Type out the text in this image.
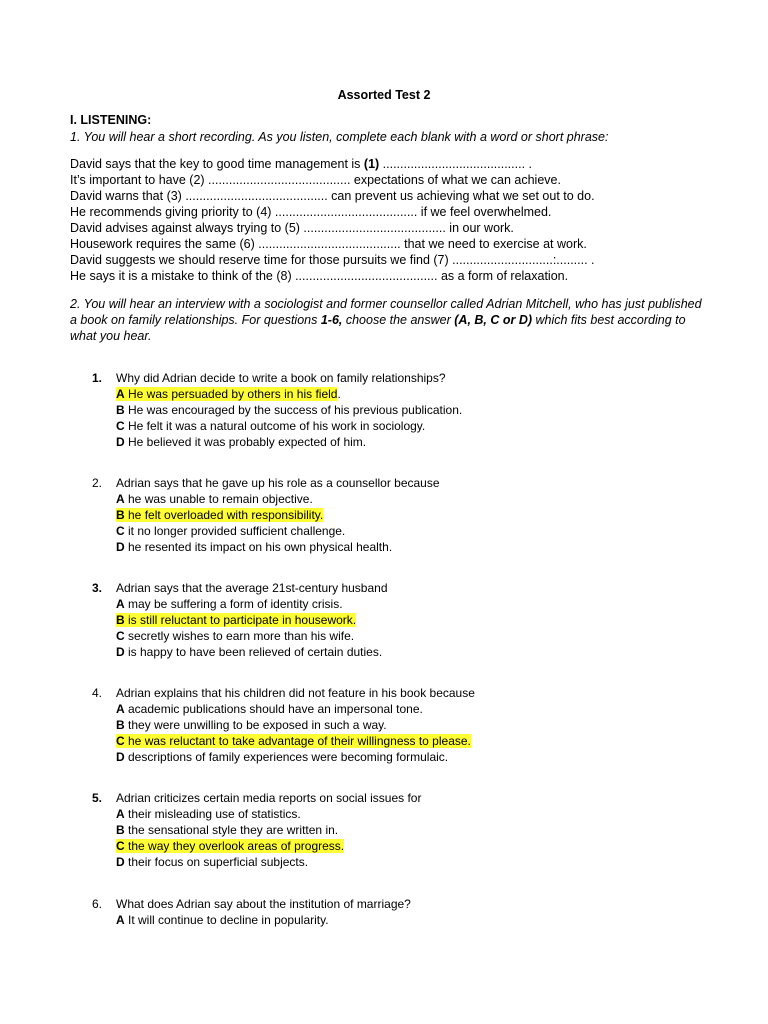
Assorted Test 2
I. LISTENING:
1. You will hear a short recording. As you listen, complete each blank with a word or short phrase:
David says that the key to good time management is (1) ......................................... .
It’s important to have (2) ......................................... expectations of what we can achieve.
David warns that (3) ......................................... can prevent us achieving what we set out to do.
He recommends giving priority to (4) ......................................... if we feel overwhelmed.
David advises against always trying to (5) ......................................... in our work.
Housework requires the same (6) ......................................... that we need to exercise at work.
David suggests we should reserve time for those pursuits we find (7) .............................:......... .
He says it is a mistake to think of the (8) ......................................... as a form of relaxation.
2. You will hear an interview with a sociologist and former counsellor called Adrian Mitchell, who has just published a book on family relationships. For questions 1-6, choose the answer (A, B, C or D) which fits best according to what you hear.
1.	Why did Adrian decide to write a book on family relationships?
A He was persuaded by others in his field.
B He was encouraged by the success of his previous publication.
C He felt it was a natural outcome of his work in sociology.
D He believed it was probably expected of him.
2.	Adrian says that he gave up his role as a counsellor because
A he was unable to remain objective.
B he felt overloaded with responsibility.
C it no longer provided sufficient challenge.
D he resented its impact on his own physical health.
3.	Adrian says that the average 21st-century husband
A may be suffering a form of identity crisis.
B is still reluctant to participate in housework.
C secretly wishes to earn more than his wife.
D is happy to have been relieved of certain duties.
4.	Adrian explains that his children did not feature in his book because
A academic publications should have an impersonal tone.
B they were unwilling to be exposed in such a way.
C he was reluctant to take advantage of their willingness to please.
D descriptions of family experiences were becoming formulaic.
5.	Adrian criticizes certain media reports on social issues for
A their misleading use of statistics.
B the sensational style they are written in.
C the way they overlook areas of progress.
D their focus on superficial subjects.
6.	What does Adrian say about the institution of marriage?
A It will continue to decline in popularity.
